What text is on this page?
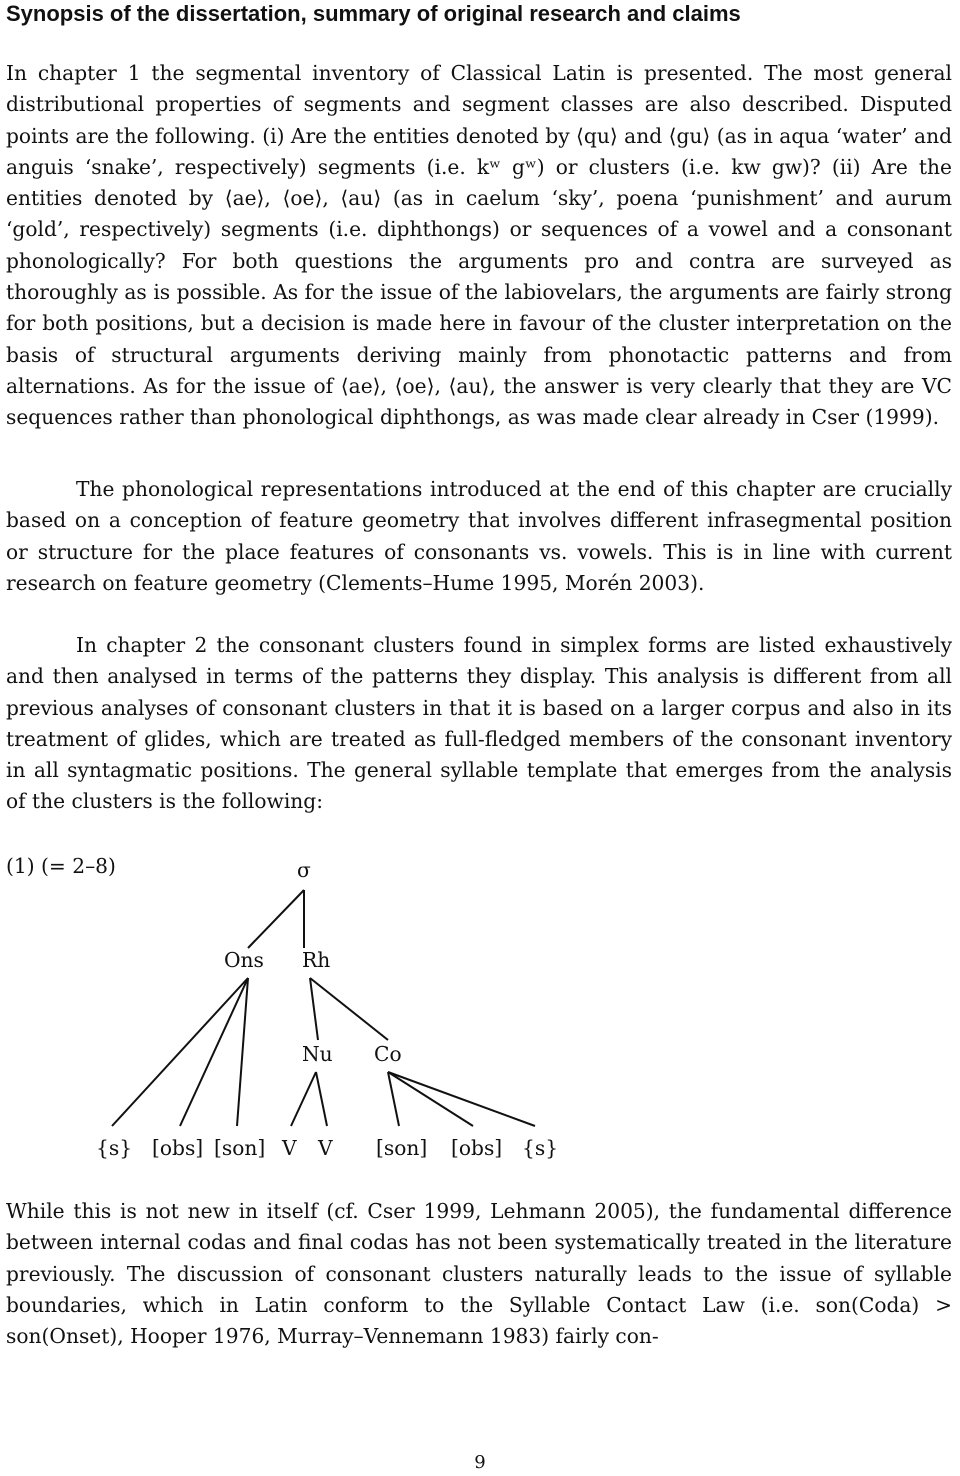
Synopsis of the dissertation, summary of original research and claims

In chapter 1 the segmental inventory of Classical Latin is presented. The most general distributional properties of segments and segment classes are also described. Disputed points are the following. (i) Are the entities denoted by ⟨qu⟩ and ⟨gu⟩ (as in aqua ‘water’ and anguis ‘snake’, respectively) segments (i.e. kʷ gʷ) or clusters (i.e. kw gw)? (ii) Are the entities denoted by ⟨ae⟩, ⟨oe⟩, ⟨au⟩ (as in caelum ‘sky’, poena ‘punishment’ and aurum ‘gold’, respectively) segments (i.e. diphthongs) or sequences of a vowel and a consonant phonologically? For both questions the arguments pro and contra are surveyed as thoroughly as is possible. As for the issue of the labiovelars, the arguments are fairly strong for both positions, but a decision is made here in favour of the cluster interpretation on the basis of structural arguments deriving mainly from phonotactic patterns and from alternations. As for the issue of ⟨ae⟩, ⟨oe⟩, ⟨au⟩, the answer is very clearly that they are VC sequences rather than phonological diphthongs, as was made clear already in Cser (1999).

The phonological representations introduced at the end of this chapter are crucially based on a conception of feature geometry that involves different infrasegmental position or structure for the place features of consonants vs. vowels. This is in line with current research on feature geometry (Clements–Hume 1995, Morén 2003).

In chapter 2 the consonant clusters found in simplex forms are listed exhaustively and then analysed in terms of the patterns they display. This analysis is different from all previous analyses of consonant clusters in that it is based on a larger corpus and also in its treatment of glides, which are treated as full-fledged members of the consonant inventory in all syntagmatic positions. The general syllable template that emerges from the analysis of the clusters is the following:

(1) (= 2–8)	σ
Ons Rh
Nu Co
{s} [obs] [son] V V [son] [obs] {s}

While this is not new in itself (cf. Cser 1999, Lehmann 2005), the fundamental difference between internal codas and final codas has not been systematically treated in the literature previously. The discussion of consonant clusters naturally leads to the issue of syllable boundaries, which in Latin conform to the Syllable Contact Law (i.e. son(Coda) > son(Onset), Hooper 1976, Murray–Vennemann 1983) fairly con-

9
